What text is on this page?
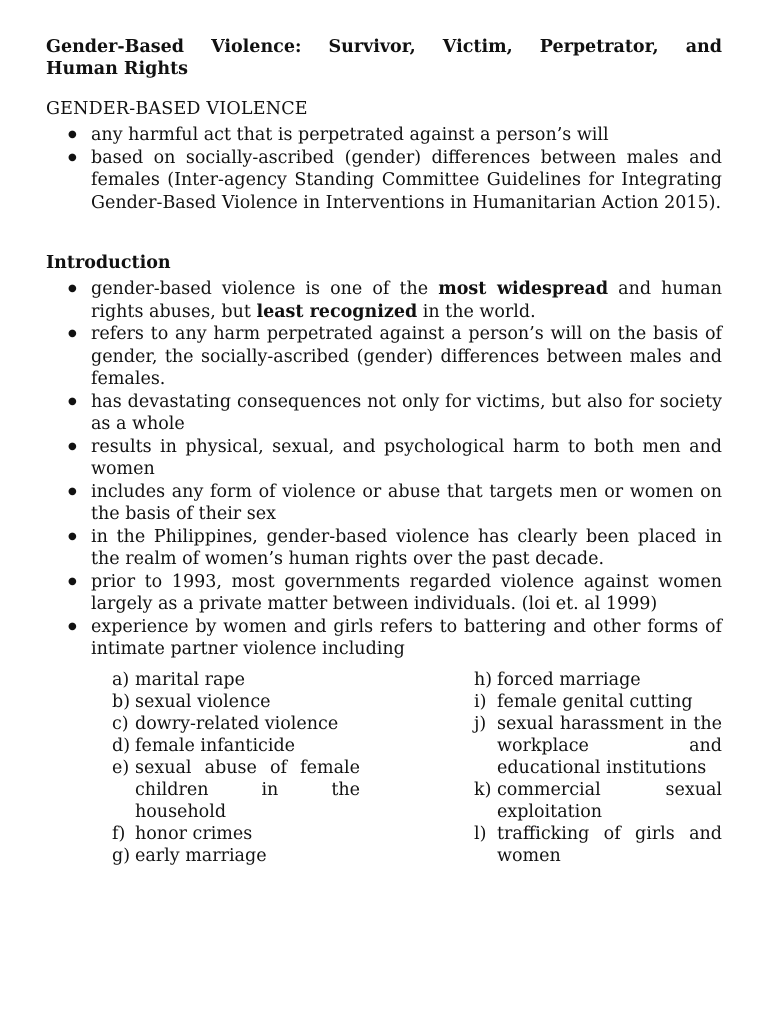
Gender-Based Violence: Survivor, Victim, Perpetrator, and
Human Rights
GENDER-BASED VIOLENCE
● any harmful act that is perpetrated against a person’s will
● based on socially-ascribed (gender) differences between males and females (Inter-agency Standing Committee Guidelines for Integrating Gender-Based Violence in Interventions in Humanitarian Action 2015).
Introduction
● gender-based violence is one of the most widespread and human rights abuses, but least recognized in the world.
● refers to any harm perpetrated against a person’s will on the basis of gender, the socially-ascribed (gender) differences between males and females.
● has devastating consequences not only for victims, but also for society as a whole
● results in physical, sexual, and psychological harm to both men and women
● includes any form of violence or abuse that targets men or women on the basis of their sex
● in the Philippines, gender-based violence has clearly been placed in the realm of women’s human rights over the past decade.
● prior to 1993, most governments regarded violence against women largely as a private matter between individuals. (loi et. al 1999)
● experience by women and girls refers to battering and other forms of intimate partner violence including
a) marital rape
b) sexual violence
c) dowry-related violence
d) female infanticide
e) sexual abuse of female children in the household
f) honor crimes
g) early marriage
h) forced marriage
i) female genital cutting
j) sexual harassment in the workplace and educational institutions
k) commercial sexual exploitation
l) trafficking of girls and women
